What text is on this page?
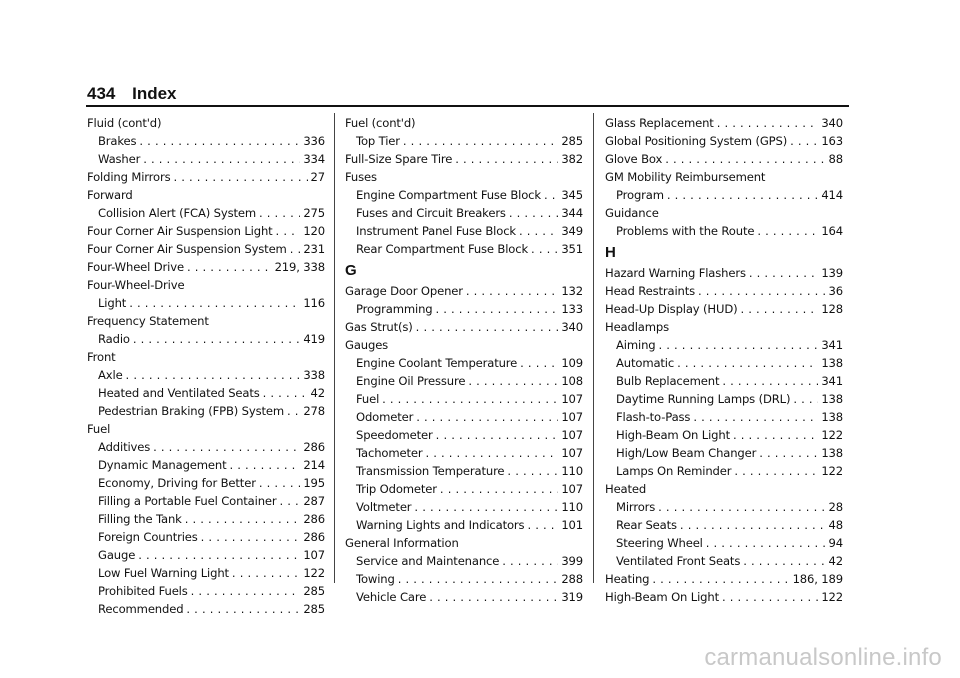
434 Index
Fluid (cont'd)
Brakes . . .	336
Washer . . .	334
Folding Mirrors . . .	27
Forward
Collision Alert (FCA) System . . .	275
Four Corner Air Suspension Light . . .	120
Four Corner Air Suspension System . . . 231
Four-Wheel Drive . . .	219, 338
Four-Wheel-Drive
Light . . .	116
Frequency Statement
Radio . . .	419
Front
Axle . . .	338
Heated and Ventilated Seats . . .	42
Pedestrian Braking (FPB) System . . . 278
Fuel
Additives . . .	286
Dynamic Management . . .	214
Economy, Driving for Better . . .	195
Filling a Portable Fuel Container . . . 287
Filling the Tank . . .	286
Foreign Countries . . .	286
Gauge . . .	107
Low Fuel Warning Light . . .	122
Prohibited Fuels . . .	285
Recommended . . .	285
Fuel (cont'd)
Top Tier . . .	285
Full-Size Spare Tire . . .	382
Fuses
Engine Compartment Fuse Block . . . 345
Fuses and Circuit Breakers . . .	344
Instrument Panel Fuse Block . . .	349
Rear Compartment Fuse Block . . .	351
G
Garage Door Opener . . .	132
Programming . . .	133
Gas Strut(s) . . .	340
Gauges
Engine Coolant Temperature . . .	109
Engine Oil Pressure . . .	108
Fuel . . .	107
Odometer . . .	107
Speedometer . . .	107
Tachometer . . .	107
Transmission Temperature . . .	110
Trip Odometer . . .	107
Voltmeter . . .	110
Warning Lights and Indicators . . .	101
General Information
Service and Maintenance . . .	399
Towing . . .	288
Vehicle Care . . .	319
Glass Replacement . . .	340
Global Positioning System (GPS) . . .	163
Glove Box . . .	88
GM Mobility Reimbursement
Program . . .	414
Guidance
Problems with the Route . . .	164
H
Hazard Warning Flashers . . .	139
Head Restraints . . .	36
Head-Up Display (HUD) . . .	128
Headlamps
Aiming . . .	341
Automatic . . .	138
Bulb Replacement . . .	341
Daytime Running Lamps (DRL) . . .	138
Flash-to-Pass . . .	138
High-Beam On Light . . .	122
High/Low Beam Changer . . .	138
Lamps On Reminder . . .	122
Heated
Mirrors . . .	28
Rear Seats . . .	48
Steering Wheel . . .	94
Ventilated Front Seats . . .	42
Heating . . .	186, 189
High-Beam On Light . . .	122
carmanualsonline.info
